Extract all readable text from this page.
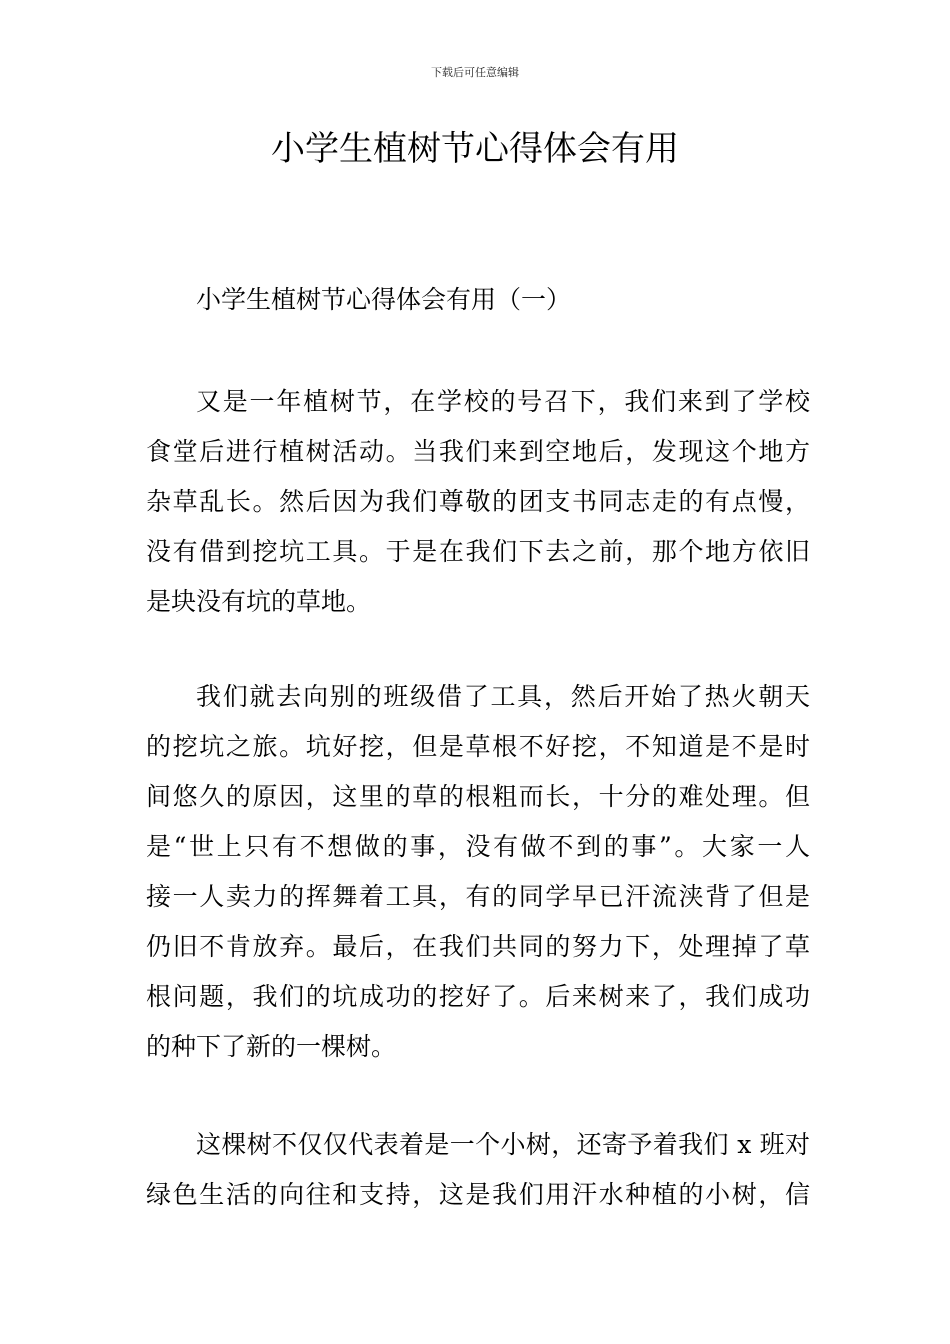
下载后可任意编辑
小学生植树节心得体会有用
小学生植树节心得体会有用（一）
又是一年植树节，在学校的号召下，我们来到了学校
食堂后进行植树活动。当我们来到空地后，发现这个地方
杂草乱长。然后因为我们尊敬的团支书同志走的有点慢，
没有借到挖坑工具。于是在我们下去之前，那个地方依旧
是块没有坑的草地。
我们就去向别的班级借了工具，然后开始了热火朝天
的挖坑之旅。坑好挖，但是草根不好挖，不知道是不是时
间悠久的原因，这里的草的根粗而长，十分的难处理。但
是“世上只有不想做的事，没有做不到的事”。大家一人
接一人卖力的挥舞着工具，有的同学早已汗流浃背了但是
仍旧不肯放弃。最后，在我们共同的努力下，处理掉了草
根问题，我们的坑成功的挖好了。后来树来了，我们成功
的种下了新的一棵树。
这棵树不仅仅代表着是一个小树，还寄予着我们 x 班对
绿色生活的向往和支持，这是我们用汗水种植的小树，信
